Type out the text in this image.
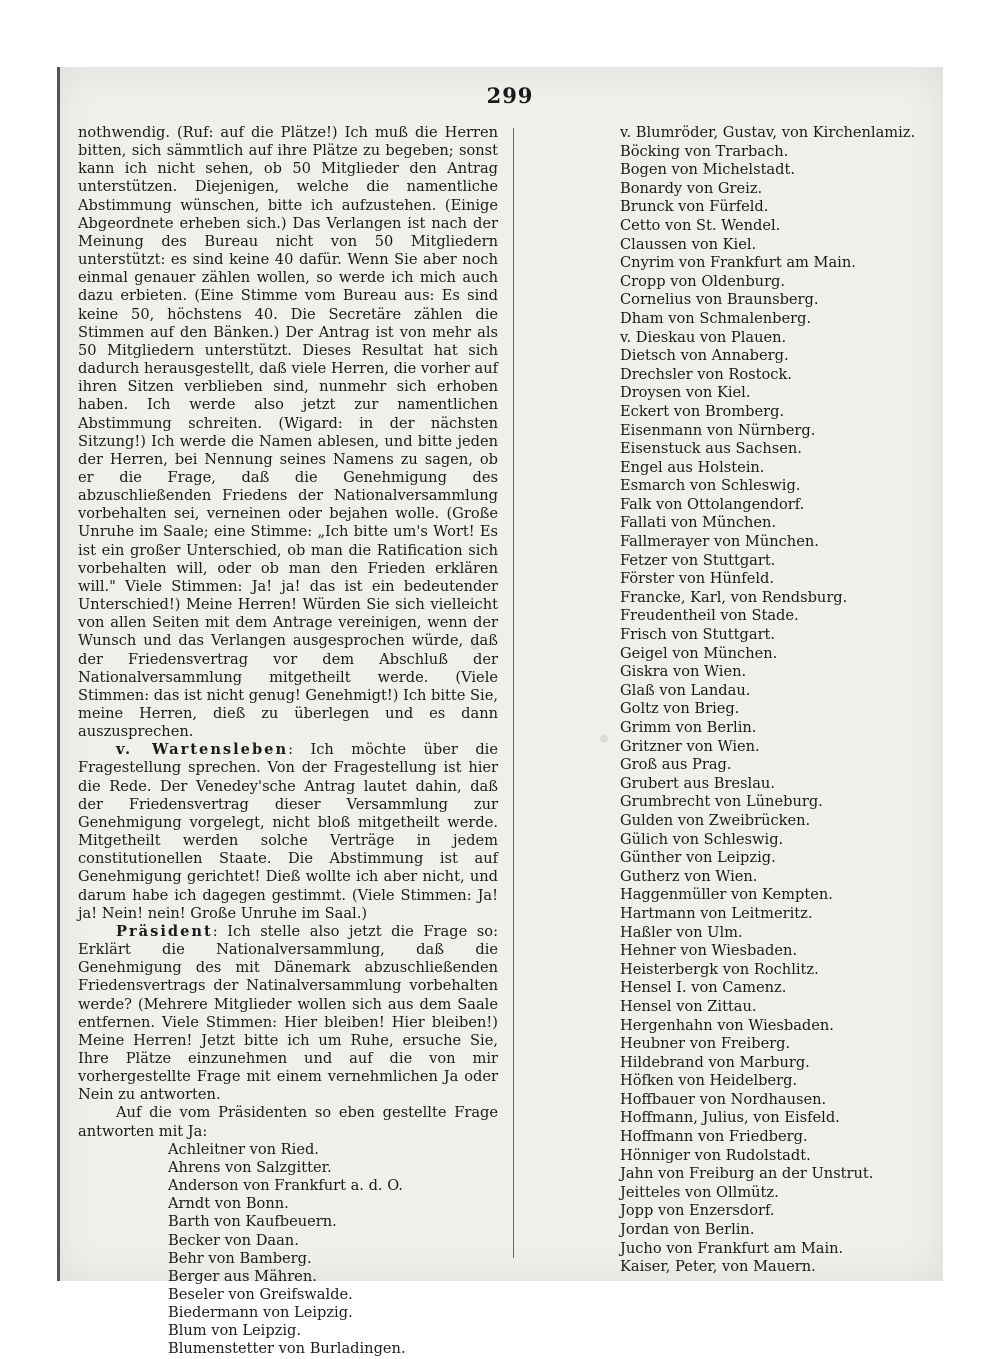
299

nothwendig. (Ruf: auf die Plätze!) Ich muß die Herren bitten, sich sämmtlich auf ihre Plätze zu begeben; sonst kann ich nicht sehen, ob 50 Mitglieder den Antrag unterstützen. Diejenigen, welche die namentliche Abstimmung wünschen, bitte ich aufzustehen. (Einige Abgeordnete erheben sich.) Das Verlangen ist nach der Meinung des Bureau nicht von 50 Mitgliedern unterstützt: es sind keine 40 dafür. Wenn Sie aber noch einmal genauer zählen wollen, so werde ich mich auch dazu erbieten. (Eine Stimme vom Bureau aus: Es sind keine 50, höchstens 40. Die Secretäre zählen die Stimmen auf den Bänken.) Der Antrag ist von mehr als 50 Mitgliedern unterstützt. Dieses Resultat hat sich dadurch herausgestellt, daß viele Herren, die vorher auf ihren Sitzen verblieben sind, nunmehr sich erhoben haben. Ich werde also jetzt zur namentlichen Abstimmung schreiten. (Wigard: in der nächsten Sitzung!) Ich werde die Namen ablesen, und bitte jeden der Herren, bei Nennung seines Namens zu sagen, ob er die Frage, daß die Genehmigung des abzuschließenden Friedens der Nationalversammlung vorbehalten sei, verneinen oder bejahen wolle. (Große Unruhe im Saale; eine Stimme: „Ich bitte um's Wort! Es ist ein großer Unterschied, ob man die Ratification sich vorbehalten will, oder ob man den Frieden erklären will." Viele Stimmen: Ja! ja! das ist ein bedeutender Unterschied!) Meine Herren! Würden Sie sich vielleicht von allen Seiten mit dem Antrage vereinigen, wenn der Wunsch und das Verlangen ausgesprochen würde, daß der Friedensvertrag vor dem Abschluß der Nationalversammlung mitgetheilt werde. (Viele Stimmen: das ist nicht genug! Genehmigt!) Ich bitte Sie, meine Herren, dieß zu überlegen und es dann auszusprechen.

v. Wartensleben: Ich möchte über die Fragestellung sprechen. Von der Fragestellung ist hier die Rede. Der Venedey'sche Antrag lautet dahin, daß der Friedensvertrag dieser Versammlung zur Genehmigung vorgelegt, nicht bloß mitgetheilt werde. Mitgetheilt werden solche Verträge in jedem constitutionellen Staate. Die Abstimmung ist auf Genehmigung gerichtet! Dieß wollte ich aber nicht, und darum habe ich dagegen gestimmt. (Viele Stimmen: Ja! ja! Nein! nein! Große Unruhe im Saal.)

Präsident: Ich stelle also jetzt die Frage so: Erklärt die Nationalversammlung, daß die Genehmigung des mit Dänemark abzuschließenden Friedensvertrags der Natinalversammlung vorbehalten werde? (Mehrere Mitglieder wollen sich aus dem Saale entfernen. Viele Stimmen: Hier bleiben! Hier bleiben!) Meine Herren! Jetzt bitte ich um Ruhe, ersuche Sie, Ihre Plätze einzunehmen und auf die von mir vorhergestellte Frage mit einem vernehmlichen Ja oder Nein zu antworten.

Auf die vom Präsidenten so eben gestellte Frage antworten mit Ja:

Achleitner von Ried.
Ahrens von Salzgitter.
Anderson von Frankfurt a. d. O.
Arndt von Bonn.
Barth von Kaufbeuern.
Becker von Daan.
Behr von Bamberg.
Berger aus Mähren.
Beseler von Greifswalde.
Biedermann von Leipzig.
Blum von Leipzig.
Blumenstetter von Burladingen.
v. Blumröder, Gustav, von Kirchenlamiz.
Böcking von Trarbach.
Bogen von Michelstadt.
Bonardy von Greiz.
Brunck von Fürfeld.
Cetto von St. Wendel.
Claussen von Kiel.
Cnyrim von Frankfurt am Main.
Cropp von Oldenburg.
Cornelius von Braunsberg.
Dham von Schmalenberg.
v. Dieskau von Plauen.
Dietsch von Annaberg.
Drechsler von Rostock.
Droysen von Kiel.
Eckert von Bromberg.
Eisenmann von Nürnberg.
Eisenstuck aus Sachsen.
Engel aus Holstein.
Esmarch von Schleswig.
Falk von Ottolangendorf.
Fallati von München.
Fallmerayer von München.
Fetzer von Stuttgart.
Förster von Hünfeld.
Francke, Karl, von Rendsburg.
Freudentheil von Stade.
Frisch von Stuttgart.
Geigel von München.
Giskra von Wien.
Glaß von Landau.
Goltz von Brieg.
Grimm von Berlin.
Gritzner von Wien.
Groß aus Prag.
Grubert aus Breslau.
Grumbrecht von Lüneburg.
Gulden von Zweibrücken.
Gülich von Schleswig.
Günther von Leipzig.
Gutherz von Wien.
Haggenmüller von Kempten.
Hartmann von Leitmeritz.
Haßler von Ulm.
Hehner von Wiesbaden.
Heisterbergk von Rochlitz.
Hensel I. von Camenz.
Hensel von Zittau.
Hergenhahn von Wiesbaden.
Heubner von Freiberg.
Hildebrand von Marburg.
Höfken von Heidelberg.
Hoffbauer von Nordhausen.
Hoffmann, Julius, von Eisfeld.
Hoffmann von Friedberg.
Hönniger von Rudolstadt.
Jahn von Freiburg an der Unstrut.
Jeitteles von Ollmütz.
Jopp von Enzersdorf.
Jordan von Berlin.
Jucho von Frankfurt am Main.
Kaiser, Peter, von Mauern.
